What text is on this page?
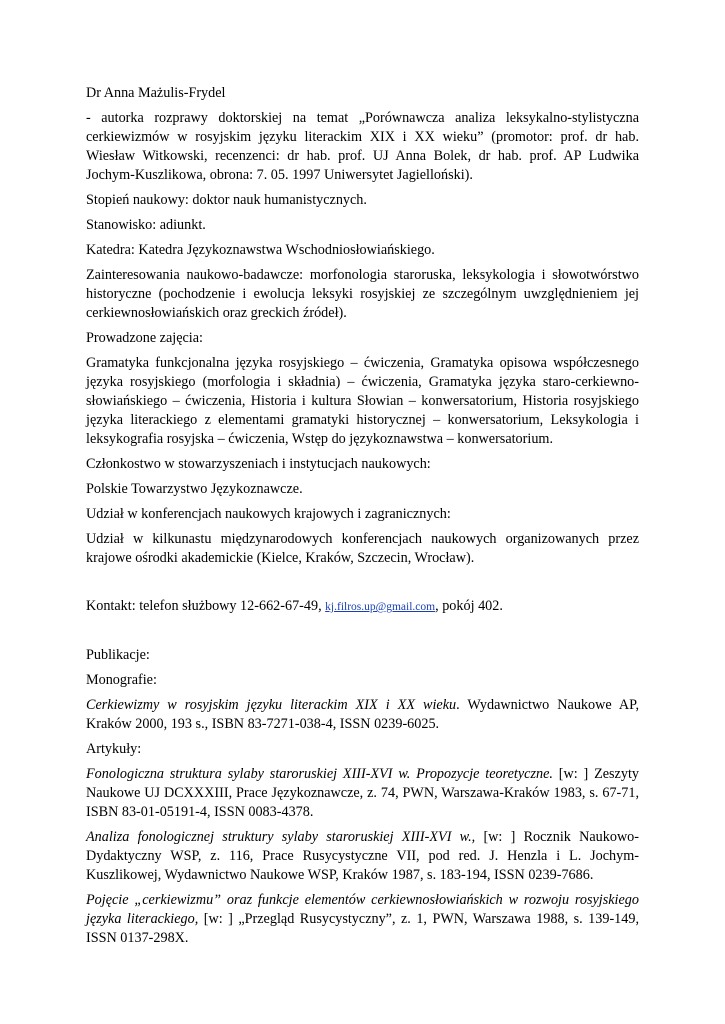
Dr Anna Mażulis-Frydel

- autorka rozprawy doktorskiej na temat „Porównawcza analiza leksykalno-stylistyczna cerkiewizmów w rosyjskim języku literackim XIX i XX wieku” (promotor: prof. dr hab. Wiesław Witkowski, recenzenci: dr hab. prof. UJ Anna Bolek, dr hab. prof. AP Ludwika Jochym-Kuszlikowa, obrona: 7. 05. 1997 Uniwersytet Jagielloński).

Stopień naukowy: doktor nauk humanistycznych.

Stanowisko: adiunkt.

Katedra: Katedra Językoznawstwa Wschodniosłowiańskiego.

Zainteresowania naukowo-badawcze: morfonologia staroruska, leksykologia i słowotwórstwo historyczne (pochodzenie i ewolucja leksyki rosyjskiej ze szczególnym uwzględnieniem jej cerkiewnosłowiańskich oraz greckich źródeł).

Prowadzone zajęcia:

Gramatyka funkcjonalna języka rosyjskiego – ćwiczenia, Gramatyka opisowa współczesnego języka rosyjskiego (morfologia i składnia) – ćwiczenia, Gramatyka języka staro-cerkiewno-słowiańskiego – ćwiczenia, Historia i kultura Słowian – konwersatorium, Historia rosyjskiego języka literackiego z elementami gramatyki historycznej – konwersatorium, Leksykologia i leksykografia rosyjska – ćwiczenia, Wstęp do językoznawstwa – konwersatorium.

Członkostwo w stowarzyszeniach i instytucjach naukowych:

Polskie Towarzystwo Językoznawcze.

Udział w konferencjach naukowych krajowych i zagranicznych:

Udział w kilkunastu międzynarodowych konferencjach naukowych organizowanych przez krajowe ośrodki akademickie (Kielce, Kraków, Szczecin, Wrocław).

Kontakt: telefon służbowy 12-662-67-49, kj.filros.up@gmail.com, pokój 402.

Publikacje:

Monografie:

Cerkiewizmy w rosyjskim języku literackim XIX i XX wieku. Wydawnictwo Naukowe AP, Kraków 2000, 193 s., ISBN 83-7271-038-4, ISSN 0239-6025.

Artykuły:

Fonologiczna struktura sylaby staroruskiej XIII-XVI w. Propozycje teoretyczne. [w: ] Zeszyty Naukowe UJ DCXXXIII, Prace Językoznawcze, z. 74, PWN, Warszawa-Kraków 1983, s. 67-71, ISBN 83-01-05191-4, ISSN 0083-4378.

Analiza fonologicznej struktury sylaby staroruskiej XIII-XVI w., [w: ] Rocznik Naukowo-Dydaktyczny WSP, z. 116, Prace Rusycystyczne VII, pod red. J. Henzla i L. Jochym-Kuszlikowej, Wydawnictwo Naukowe WSP, Kraków 1987, s. 183-194, ISSN 0239-7686.

Pojęcie „cerkiewizmu” oraz funkcje elementów cerkiewnosłowiańskich w rozwoju rosyjskiego języka literackiego, [w: ] „Przegląd Rusycystyczny”, z. 1, PWN, Warszawa 1988, s. 139-149, ISSN 0137-298X.
